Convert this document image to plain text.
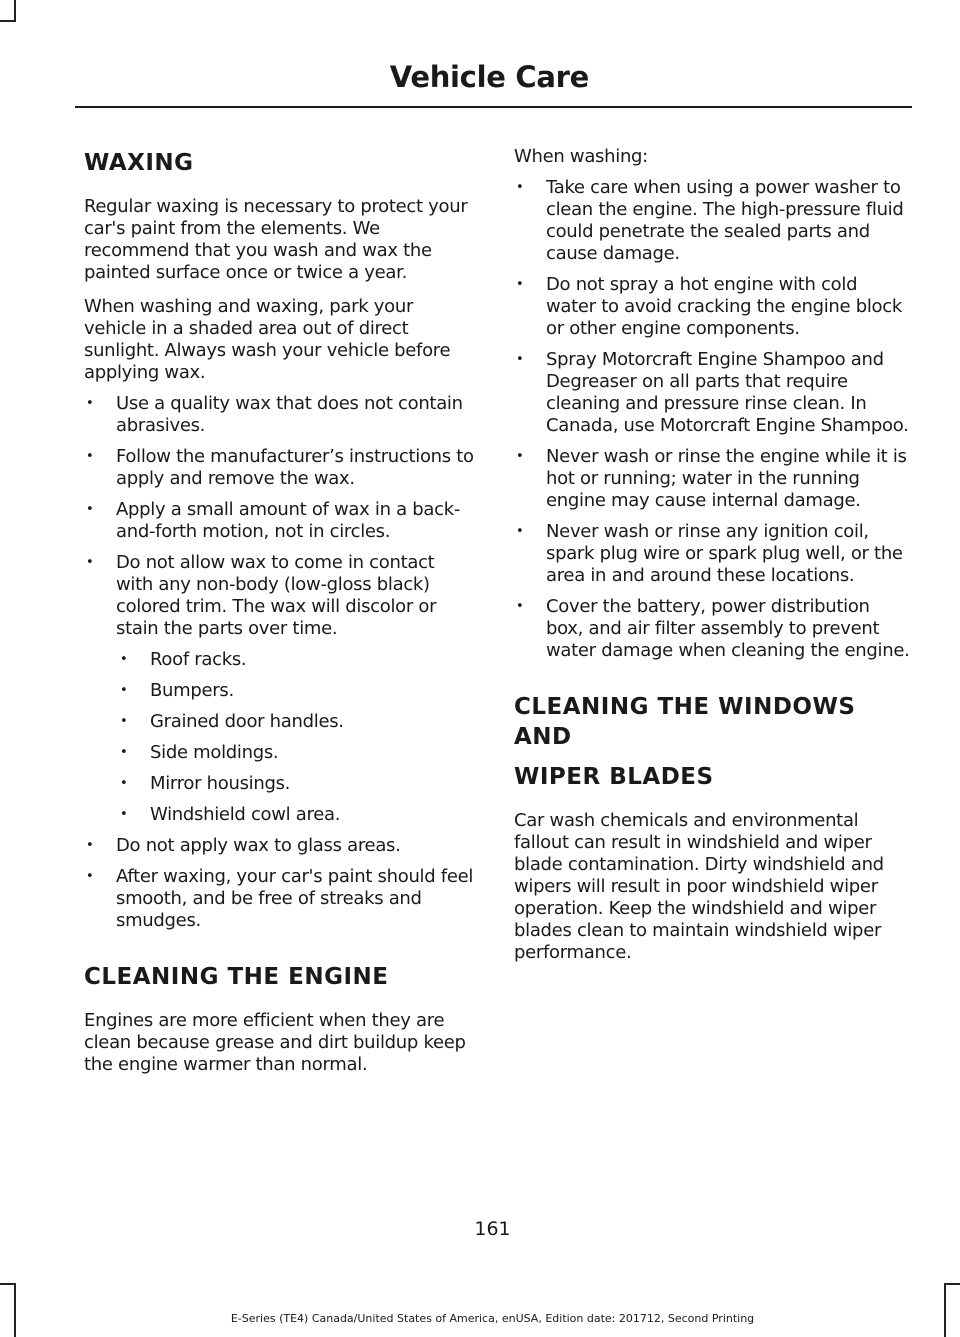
Vehicle Care
WAXING

Regular waxing is necessary to protect your car's paint from the elements. We recommend that you wash and wax the painted surface once or twice a year.

When washing and waxing, park your vehicle in a shaded area out of direct sunlight. Always wash your vehicle before applying wax.

• Use a quality wax that does not contain abrasives.
• Follow the manufacturer’s instructions to apply and remove the wax.
• Apply a small amount of wax in a back-and-forth motion, not in circles.
• Do not allow wax to come in contact with any non-body (low-gloss black) colored trim. The wax will discolor or stain the parts over time.
• Roof racks.
• Bumpers.
• Grained door handles.
• Side moldings.
• Mirror housings.
• Windshield cowl area.
• Do not apply wax to glass areas.
• After waxing, your car's paint should feel smooth, and be free of streaks and smudges.
CLEANING THE ENGINE

Engines are more efficient when they are clean because grease and dirt buildup keep the engine warmer than normal.

When washing:

• Take care when using a power washer to clean the engine. The high-pressure fluid could penetrate the sealed parts and cause damage.
• Do not spray a hot engine with cold water to avoid cracking the engine block or other engine components.
• Spray Motorcraft Engine Shampoo and Degreaser on all parts that require cleaning and pressure rinse clean. In Canada, use Motorcraft Engine Shampoo.
• Never wash or rinse the engine while it is hot or running; water in the running engine may cause internal damage.
• Never wash or rinse any ignition coil, spark plug wire or spark plug well, or the area in and around these locations.
• Cover the battery, power distribution box, and air filter assembly to prevent water damage when cleaning the engine.
CLEANING THE WINDOWS AND
WIPER BLADES

Car wash chemicals and environmental fallout can result in windshield and wiper blade contamination. Dirty windshield and wipers will result in poor windshield wiper operation. Keep the windshield and wiper blades clean to maintain windshield wiper performance.

161
E-Series (TE4) Canada/United States of America, enUSA, Edition date: 201712, Second Printing
